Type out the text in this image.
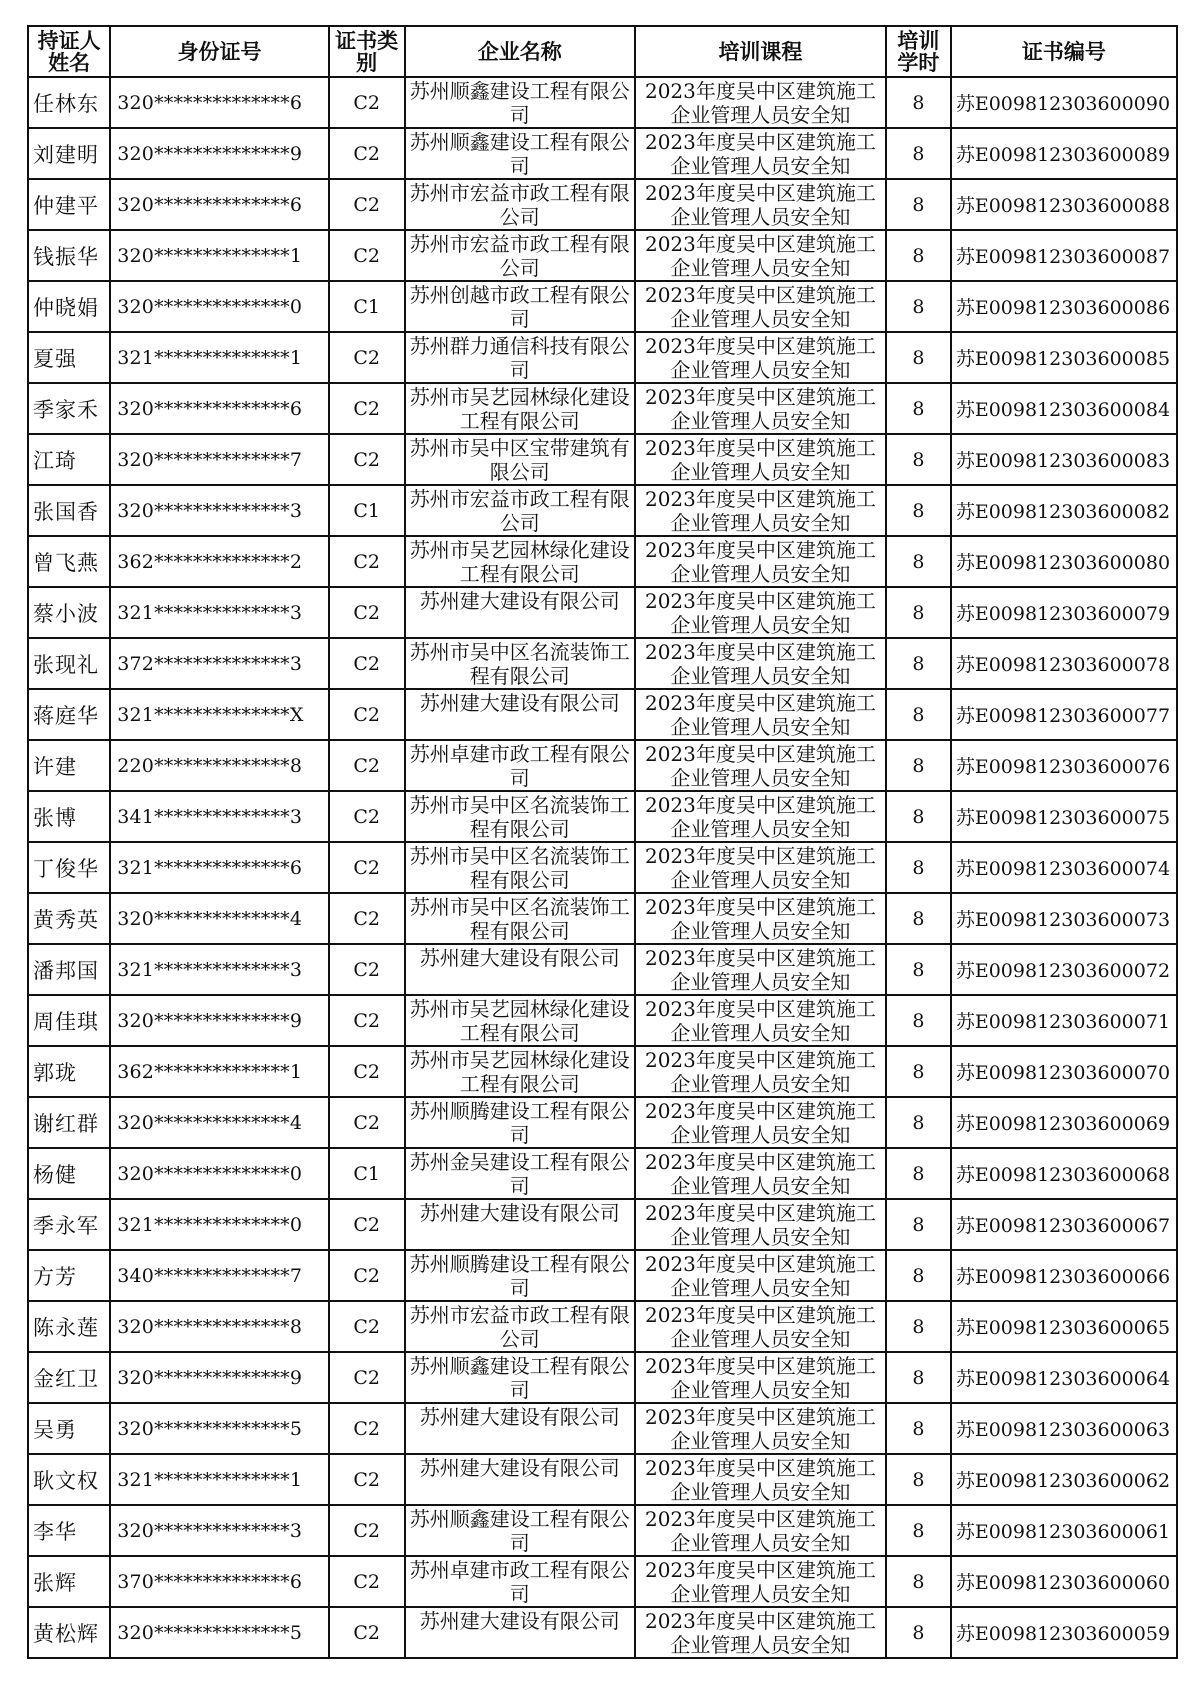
持证人姓名	身份证号	证书类别	企业名称	培训课程	培训学时	证书编号
任林东	320**************6	C2	苏州顺鑫建设工程有限公司	2023年度吴中区建筑施工企业管理人员安全知	8	苏E009812303600090
刘建明	320**************9	C2	苏州顺鑫建设工程有限公司	2023年度吴中区建筑施工企业管理人员安全知	8	苏E009812303600089
仲建平	320**************6	C2	苏州市宏益市政工程有限公司	2023年度吴中区建筑施工企业管理人员安全知	8	苏E009812303600088
钱振华	320**************1	C2	苏州市宏益市政工程有限公司	2023年度吴中区建筑施工企业管理人员安全知	8	苏E009812303600087
仲晓娟	320**************0	C1	苏州创越市政工程有限公司	2023年度吴中区建筑施工企业管理人员安全知	8	苏E009812303600086
夏强	321**************1	C2	苏州群力通信科技有限公司	2023年度吴中区建筑施工企业管理人员安全知	8	苏E009812303600085
季家禾	320**************6	C2	苏州市吴艺园林绿化建设工程有限公司	2023年度吴中区建筑施工企业管理人员安全知	8	苏E009812303600084
江琦	320**************7	C2	苏州市吴中区宝带建筑有限公司	2023年度吴中区建筑施工企业管理人员安全知	8	苏E009812303600083
张国香	320**************3	C1	苏州市宏益市政工程有限公司	2023年度吴中区建筑施工企业管理人员安全知	8	苏E009812303600082
曾飞燕	362**************2	C2	苏州市吴艺园林绿化建设工程有限公司	2023年度吴中区建筑施工企业管理人员安全知	8	苏E009812303600080
蔡小波	321**************3	C2	苏州建大建设有限公司	2023年度吴中区建筑施工企业管理人员安全知	8	苏E009812303600079
张现礼	372**************3	C2	苏州市吴中区名流装饰工程有限公司	2023年度吴中区建筑施工企业管理人员安全知	8	苏E009812303600078
蒋庭华	321**************X	C2	苏州建大建设有限公司	2023年度吴中区建筑施工企业管理人员安全知	8	苏E009812303600077
许建	220**************8	C2	苏州卓建市政工程有限公司	2023年度吴中区建筑施工企业管理人员安全知	8	苏E009812303600076
张博	341**************3	C2	苏州市吴中区名流装饰工程有限公司	2023年度吴中区建筑施工企业管理人员安全知	8	苏E009812303600075
丁俊华	321**************6	C2	苏州市吴中区名流装饰工程有限公司	2023年度吴中区建筑施工企业管理人员安全知	8	苏E009812303600074
黄秀英	320**************4	C2	苏州市吴中区名流装饰工程有限公司	2023年度吴中区建筑施工企业管理人员安全知	8	苏E009812303600073
潘邦国	321**************3	C2	苏州建大建设有限公司	2023年度吴中区建筑施工企业管理人员安全知	8	苏E009812303600072
周佳琪	320**************9	C2	苏州市吴艺园林绿化建设工程有限公司	2023年度吴中区建筑施工企业管理人员安全知	8	苏E009812303600071
郭珑	362**************1	C2	苏州市吴艺园林绿化建设工程有限公司	2023年度吴中区建筑施工企业管理人员安全知	8	苏E009812303600070
谢红群	320**************4	C2	苏州顺腾建设工程有限公司	2023年度吴中区建筑施工企业管理人员安全知	8	苏E009812303600069
杨健	320**************0	C1	苏州金吴建设工程有限公司	2023年度吴中区建筑施工企业管理人员安全知	8	苏E009812303600068
季永军	321**************0	C2	苏州建大建设有限公司	2023年度吴中区建筑施工企业管理人员安全知	8	苏E009812303600067
方芳	340**************7	C2	苏州顺腾建设工程有限公司	2023年度吴中区建筑施工企业管理人员安全知	8	苏E009812303600066
陈永莲	320**************8	C2	苏州市宏益市政工程有限公司	2023年度吴中区建筑施工企业管理人员安全知	8	苏E009812303600065
金红卫	320**************9	C2	苏州顺鑫建设工程有限公司	2023年度吴中区建筑施工企业管理人员安全知	8	苏E009812303600064
吴勇	320**************5	C2	苏州建大建设有限公司	2023年度吴中区建筑施工企业管理人员安全知	8	苏E009812303600063
耿文权	321**************1	C2	苏州建大建设有限公司	2023年度吴中区建筑施工企业管理人员安全知	8	苏E009812303600062
李华	320**************3	C2	苏州顺鑫建设工程有限公司	2023年度吴中区建筑施工企业管理人员安全知	8	苏E009812303600061
张辉	370**************6	C2	苏州卓建市政工程有限公司	2023年度吴中区建筑施工企业管理人员安全知	8	苏E009812303600060
黄松辉	320**************5	C2	苏州建大建设有限公司	2023年度吴中区建筑施工企业管理人员安全知	8	苏E009812303600059
